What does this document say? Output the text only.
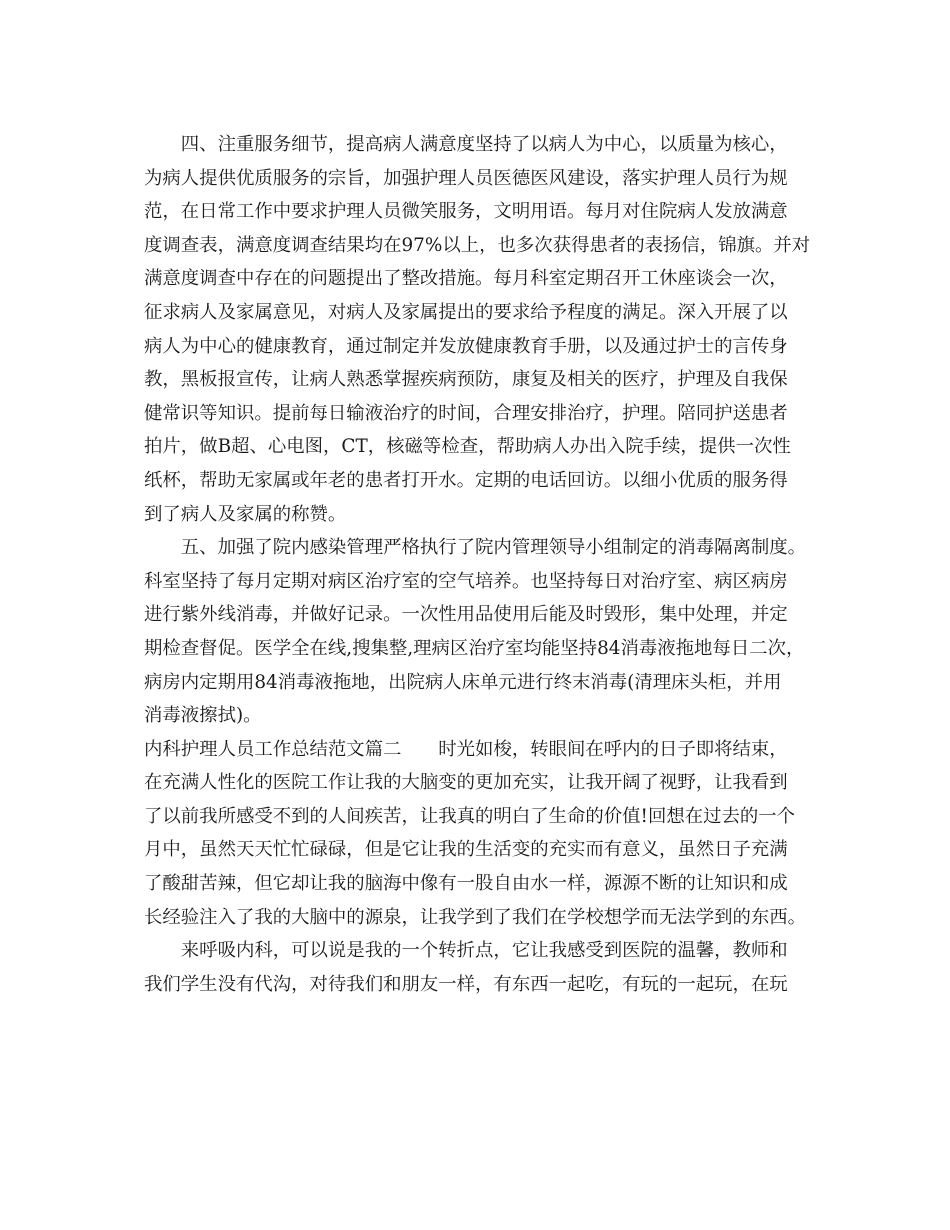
　　四、注重服务细节，提高病人满意度坚持了以病人为中心，以质量为核心，
为病人提供优质服务的宗旨，加强护理人员医德医风建设，落实护理人员行为规
范，在日常工作中要求护理人员微笑服务，文明用语。每月对住院病人发放满意
度调查表，满意度调查结果均在97%以上，也多次获得患者的表扬信，锦旗。并对
满意度调查中存在的问题提出了整改措施。每月科室定期召开工休座谈会一次，
征求病人及家属意见，对病人及家属提出的要求给予程度的满足。深入开展了以
病人为中心的健康教育，通过制定并发放健康教育手册，以及通过护士的言传身
教，黑板报宣传，让病人熟悉掌握疾病预防，康复及相关的医疗，护理及自我保
健常识等知识。提前每日输液治疗的时间，合理安排治疗，护理。陪同护送患者
拍片，做B超、心电图，CT，核磁等检查，帮助病人办出入院手续，提供一次性
纸杯，帮助无家属或年老的患者打开水。定期的电话回访。以细小优质的服务得
到了病人及家属的称赞。
　　五、加强了院内感染管理严格执行了院内管理领导小组制定的消毒隔离制度。
科室坚持了每月定期对病区治疗室的空气培养。也坚持每日对治疗室、病区病房
进行紫外线消毒，并做好记录。一次性用品使用后能及时毁形，集中处理，并定
期检查督促。医学全在线,搜集整,理病区治疗室均能坚持84消毒液拖地每日二次，
病房内定期用84消毒液拖地，出院病人床单元进行终末消毒(清理床头柜，并用
消毒液擦拭)。
内科护理人员工作总结范文篇二　　时光如梭，转眼间在呼内的日子即将结束，
在充满人性化的医院工作让我的大脑变的更加充实，让我开阔了视野，让我看到
了以前我所感受不到的人间疾苦，让我真的明白了生命的价值!回想在过去的一个
月中，虽然天天忙忙碌碌，但是它让我的生活变的充实而有意义，虽然日子充满
了酸甜苦辣，但它却让我的脑海中像有一股自由水一样，源源不断的让知识和成
长经验注入了我的大脑中的源泉，让我学到了我们在学校想学而无法学到的东西。
　　来呼吸内科，可以说是我的一个转折点，它让我感受到医院的温馨，教师和
我们学生没有代沟，对待我们和朋友一样，有东西一起吃，有玩的一起玩，在玩
